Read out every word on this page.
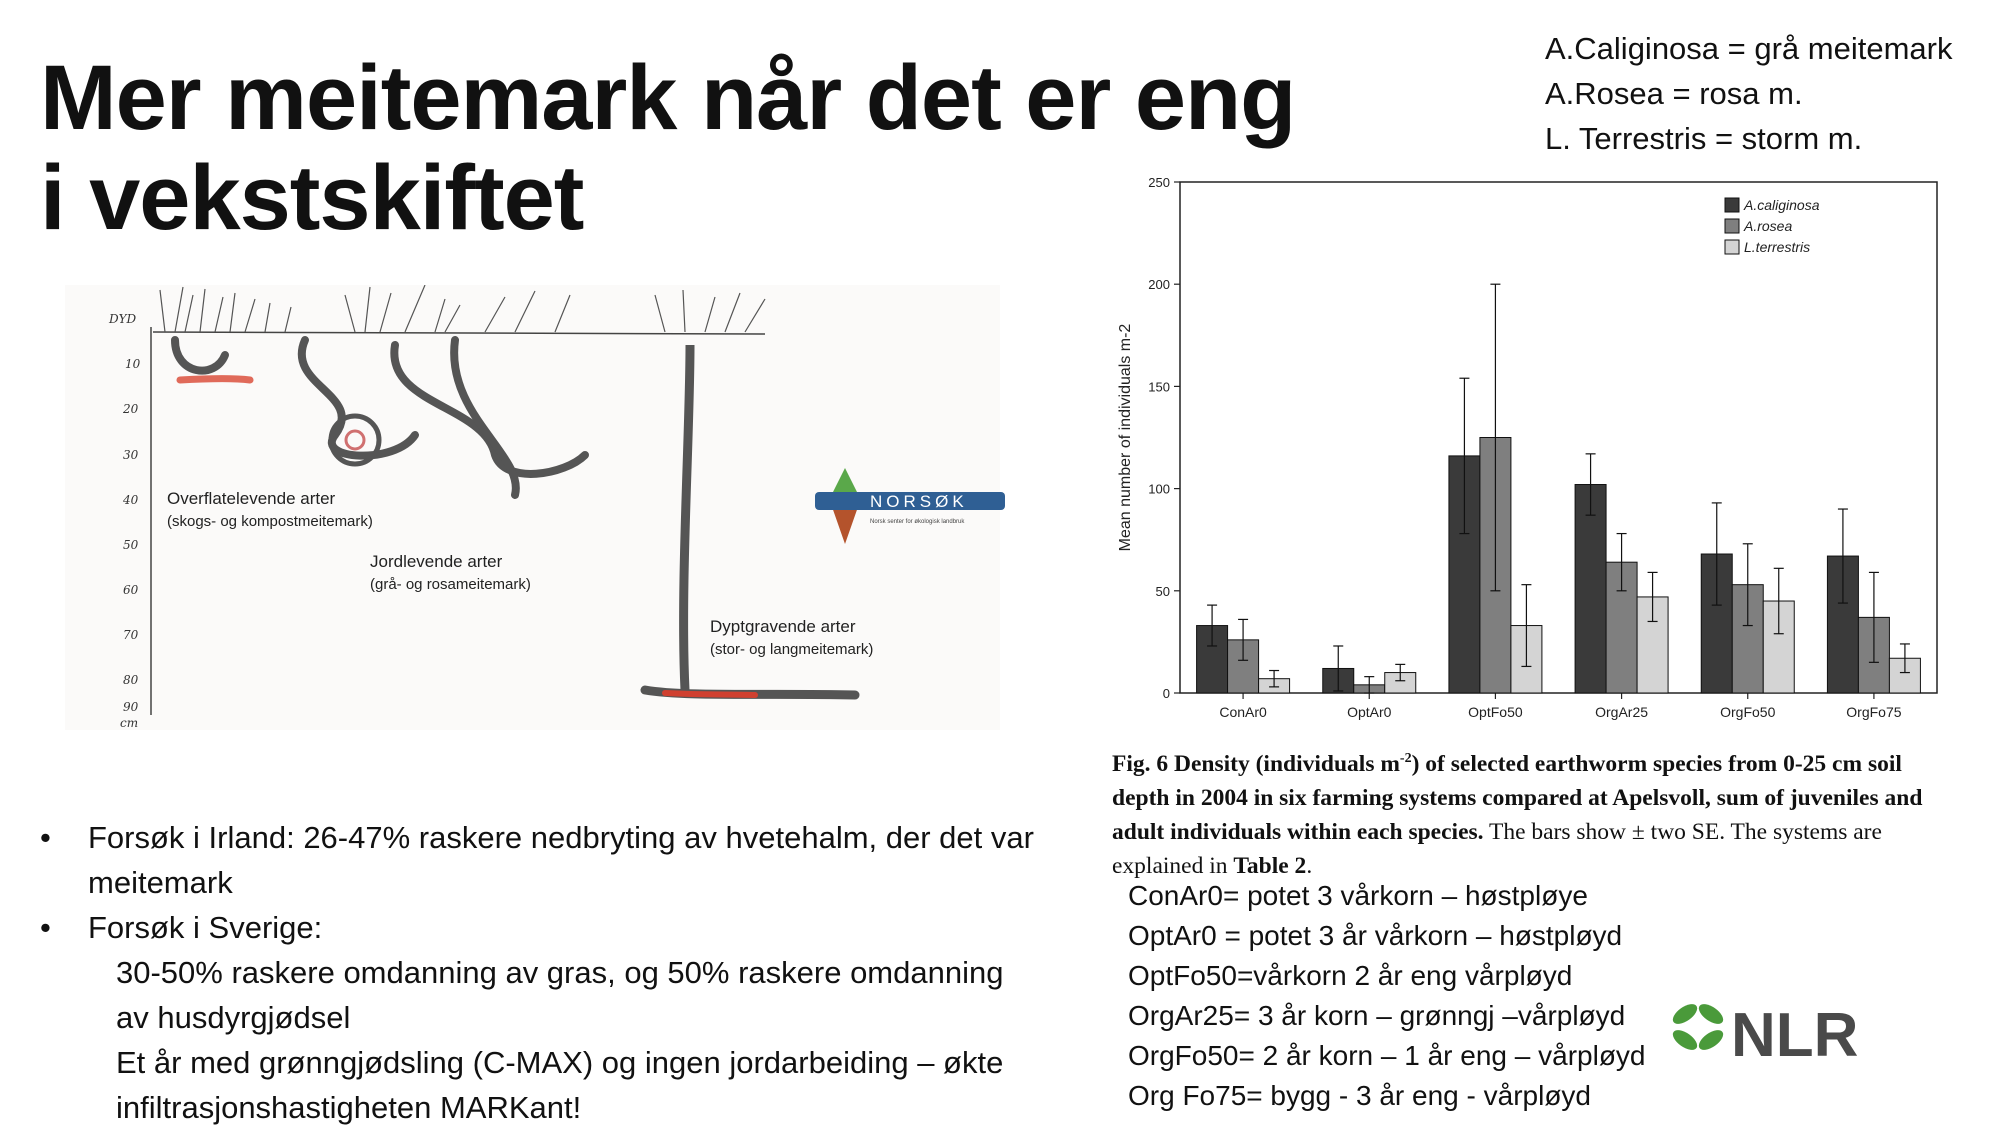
Mer meitemark når det er eng
i vekstskiftet
A.Caliginosa = grå meitemark
A.Rosea = rosa m.
L. Terrestris = storm m.
DYD
10
20
30
40
50
60
70
80
90
cm
Overflatelevende arter
(skogs- og kompostmeitemark)
Jordlevende arter
(grå- og rosameitemark)
Dyptgravende arter
(stor- og langmeitemark)
NORSØK
Norsk senter for økologisk landbruk
• Forsøk i Irland: 26-47% raskere nedbryting av hvetehalm, der det var meitemark
• Forsøk i Sverige:
30-50% raskere omdanning av gras, og 50% raskere omdanning av husdyrgjødsel
Et år med grønngjødsling (C-MAX) og ingen jordarbeiding – økte infiltrasjonshastigheten MARKant!
0
50
100
150
200
250
Mean number of individuals m-2
ConAr0	OptAr0	OptFo50	OrgAr25	OrgFo50	OrgFo75
A.caliginosa
A.rosea
L.terrestris
Fig. 6 Density (individuals $m^{-2}$) of selected earthworm species from 0-25 cm soil depth in 2004 in six farming systems compared at Apelsvoll, sum of juveniles and adult individuals within each species. The bars show ± two SE. The systems are explained in Table 2.
ConAr0= potet 3 vårkorn – høstpløye
OptAr0 = potet 3 år vårkorn – høstpløyd
OptFo50=vårkorn 2 år eng vårpløyd
OrgAr25= 3 år korn – grønngj –vårpløyd
OrgFo50= 2 år korn – 1 år eng – vårpløyd
Org Fo75= bygg - 3 år eng - vårpløyd
NLR
